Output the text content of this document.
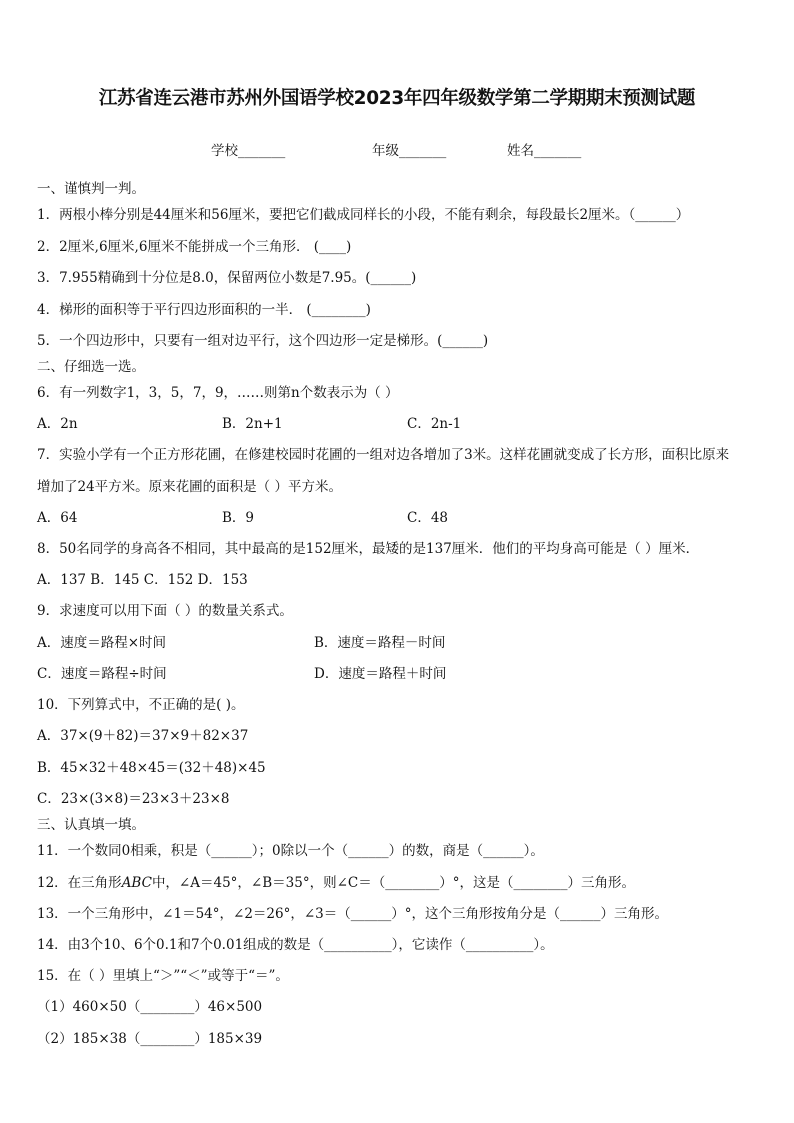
江苏省连云港市苏州外国语学校2023年四年级数学第二学期期末预测试题
学校_______	年级_______	姓名_______
一、谨慎判一判。
1．两根小棒分别是44厘米和56厘米，要把它们截成同样长的小段，不能有剩余，每段最长2厘米。（______）
2．2厘米,6厘米,6厘米不能拼成一个三角形． (____)
3．7.955精确到十分位是8.0，保留两位小数是7.95。(______)
4．梯形的面积等于平行四边形面积的一半． (________)
5．一个四边形中，只要有一组对边平行，这个四边形一定是梯形。(______)
二、仔细选一选。
6．有一列数字1，3，5，7，9，……则第n个数表示为（ ）
A．2n	B．2n+1	C．2n-1
7．实验小学有一个正方形花圃，在修建校园时花圃的一组对边各增加了3米。这样花圃就变成了长方形，面积比原来
增加了24平方米。原来花圃的面积是（ ）平方米。
A．64	B．9	C．48
8．50名同学的身高各不相同，其中最高的是152厘米，最矮的是137厘米．他们的平均身高可能是（ ）厘米．
A．137 B．145 C．152 D．153
9．求速度可以用下面（ ）的数量关系式。
A．速度＝路程×时间	B．速度＝路程－时间
C．速度＝路程÷时间	D．速度＝路程＋时间
10．下列算式中，不正确的是( )。
A．37×(9＋82)＝37×9＋82×37
B．45×32＋48×45＝(32＋48)×45
C．23×(3×8)＝23×3＋23×8
三、认真填一填。
11．一个数同0相乘，积是（______）；0除以一个（______）的数，商是（______）。
12．在三角形ABC中，∠A＝45°，∠B＝35°，则∠C＝（________）°，这是（________）三角形。
13．一个三角形中，∠1＝54°，∠2＝26°，∠3＝（______）°，这个三角形按角分是（______）三角形。
14．由3个10、6个0.1和7个0.01组成的数是（__________），它读作（__________）。
15．在（ ）里填上“＞”“＜”或等于“＝”。
（1）460×50（________）46×500
（2）185×38（________）185×39
